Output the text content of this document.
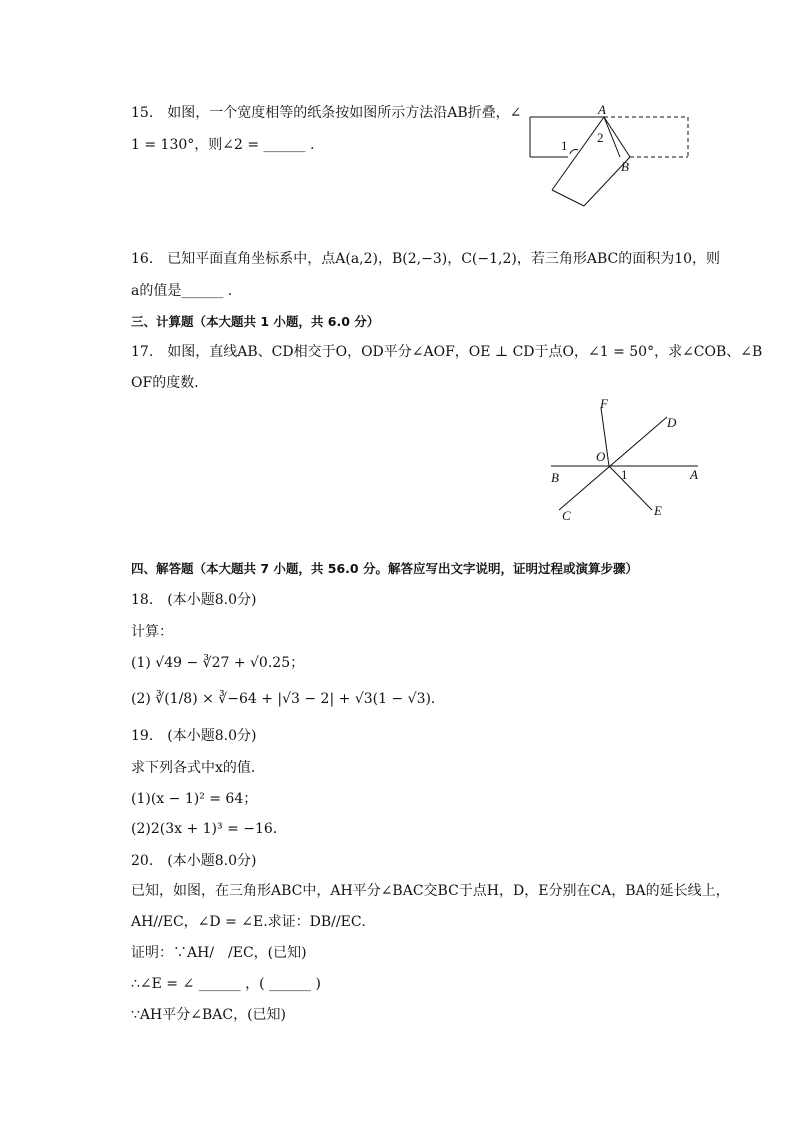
15. 如图，一个宽度相等的纸条按如图所示方法沿AB折叠，∠
1 = 130°，则∠2 = ______ .
16. 已知平面直角坐标系中，点A(a,2)，B(2,−3)，C(−1,2)，若三角形ABC的面积为10，则
a的值是______ .
三、计算题（本大题共 1 小题，共 6.0 分）
17. 如图，直线AB、CD相交于O，OD平分∠AOF，OE ⊥ CD于点O，∠1 = 50°，求∠COB、∠B
OF的度数．
四、解答题（本大题共 7 小题，共 56.0 分。解答应写出文字说明，证明过程或演算步骤）
18. (本小题8.0分)
计算：
(1) √49 − ∛27 + √0.25；
(2) ∛(1/8) × ∛−64 + |√3 − 2| + √3(1 − √3)．
19. (本小题8.0分)
求下列各式中x的值．
(1)(x − 1)² = 64；
(2)2(3x + 1)³ = −16．
20. (本小题8.0分)
已知，如图，在三角形ABC中，AH平分∠BAC交BC于点H，D，E分别在CA，BA的延长线上，
AH//EC，∠D = ∠E.求证：DB//EC．
证明：∵AH/ /EC，(已知)
∴∠E = ∠ ______ ，( ______ )
∵AH平分∠BAC，(已知)
A
2
1
B
F
D
O
1	A
B
C	E
